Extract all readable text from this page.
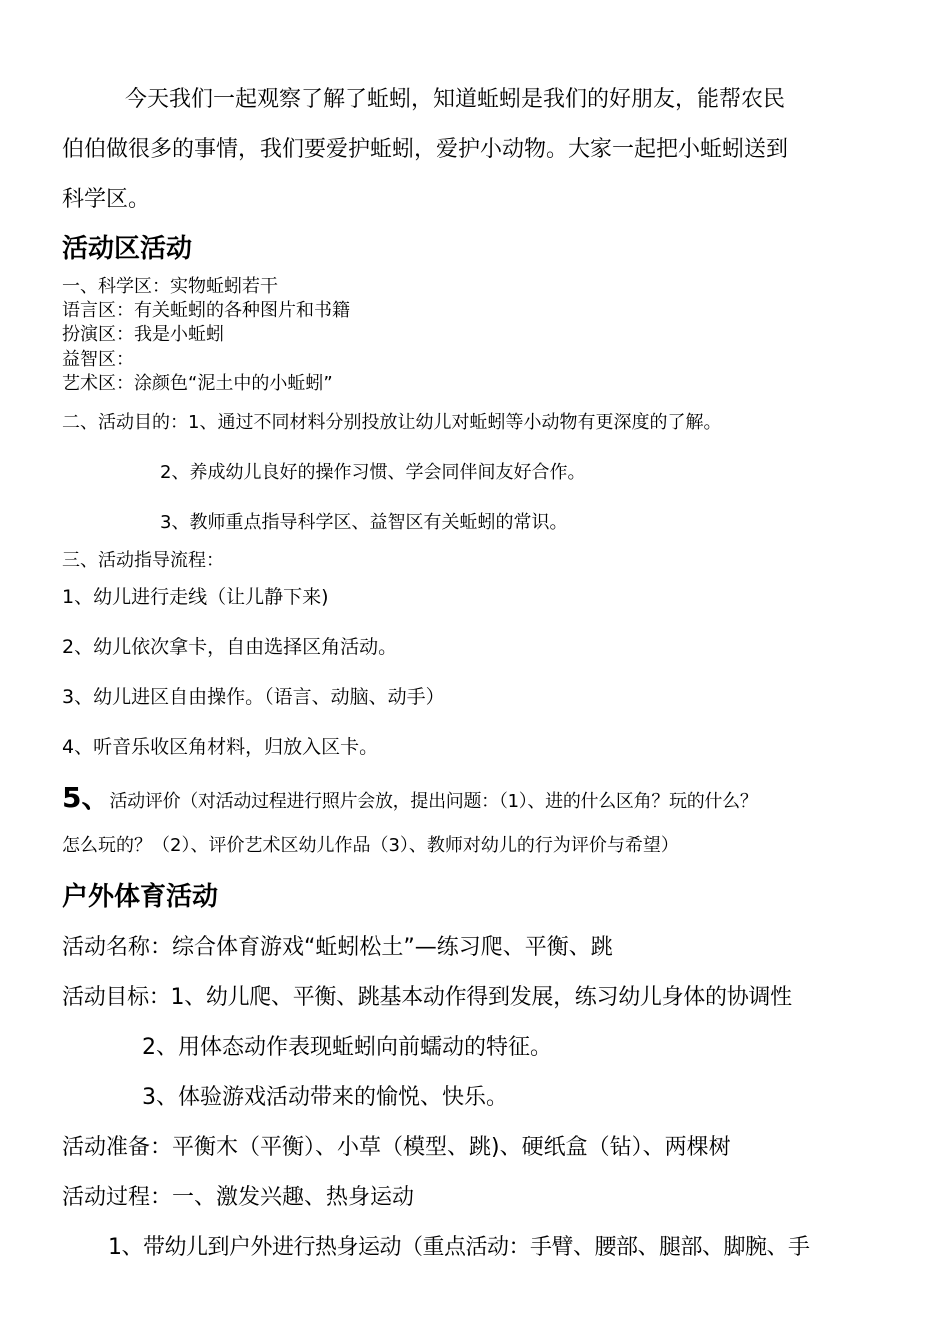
今天我们一起观察了解了蚯蚓，知道蚯蚓是我们的好朋友，能帮农民
伯伯做很多的事情，我们要爱护蚯蚓，爱护小动物。大家一起把小蚯蚓送到
科学区。
活动区活动
一、科学区：实物蚯蚓若干
语言区：有关蚯蚓的各种图片和书籍
扮演区：我是小蚯蚓
益智区：
艺术区：涂颜色“泥土中的小蚯蚓”
二、活动目的：1、通过不同材料分别投放让幼儿对蚯蚓等小动物有更深度的了解。
2、养成幼儿良好的操作习惯、学会同伴间友好合作。
3、教师重点指导科学区、益智区有关蚯蚓的常识。
三、活动指导流程：
1、幼儿进行走线（让儿静下来)
2、幼儿依次拿卡，自由选择区角活动。
3、幼儿进区自由操作。（语言、动脑、动手）
4、听音乐收区角材料，归放入区卡。
5、活动评价（对活动过程进行照片会放，提出问题：（1）、进的什么区角？玩的什么？
怎么玩的？（2）、评价艺术区幼儿作品（3）、教师对幼儿的行为评价与希望）
户外体育活动
活动名称：综合体育游戏“蚯蚓松土”—练习爬、平衡、跳
活动目标：1、幼儿爬、平衡、跳基本动作得到发展，练习幼儿身体的协调性
2、用体态动作表现蚯蚓向前蠕动的特征。
3、体验游戏活动带来的愉悦、快乐。
活动准备：平衡木（平衡）、小草（模型、跳)、硬纸盒（钻）、两棵树
活动过程：一、激发兴趣、热身运动
1、带幼儿到户外进行热身运动（重点活动：手臂、腰部、腿部、脚腕、手
